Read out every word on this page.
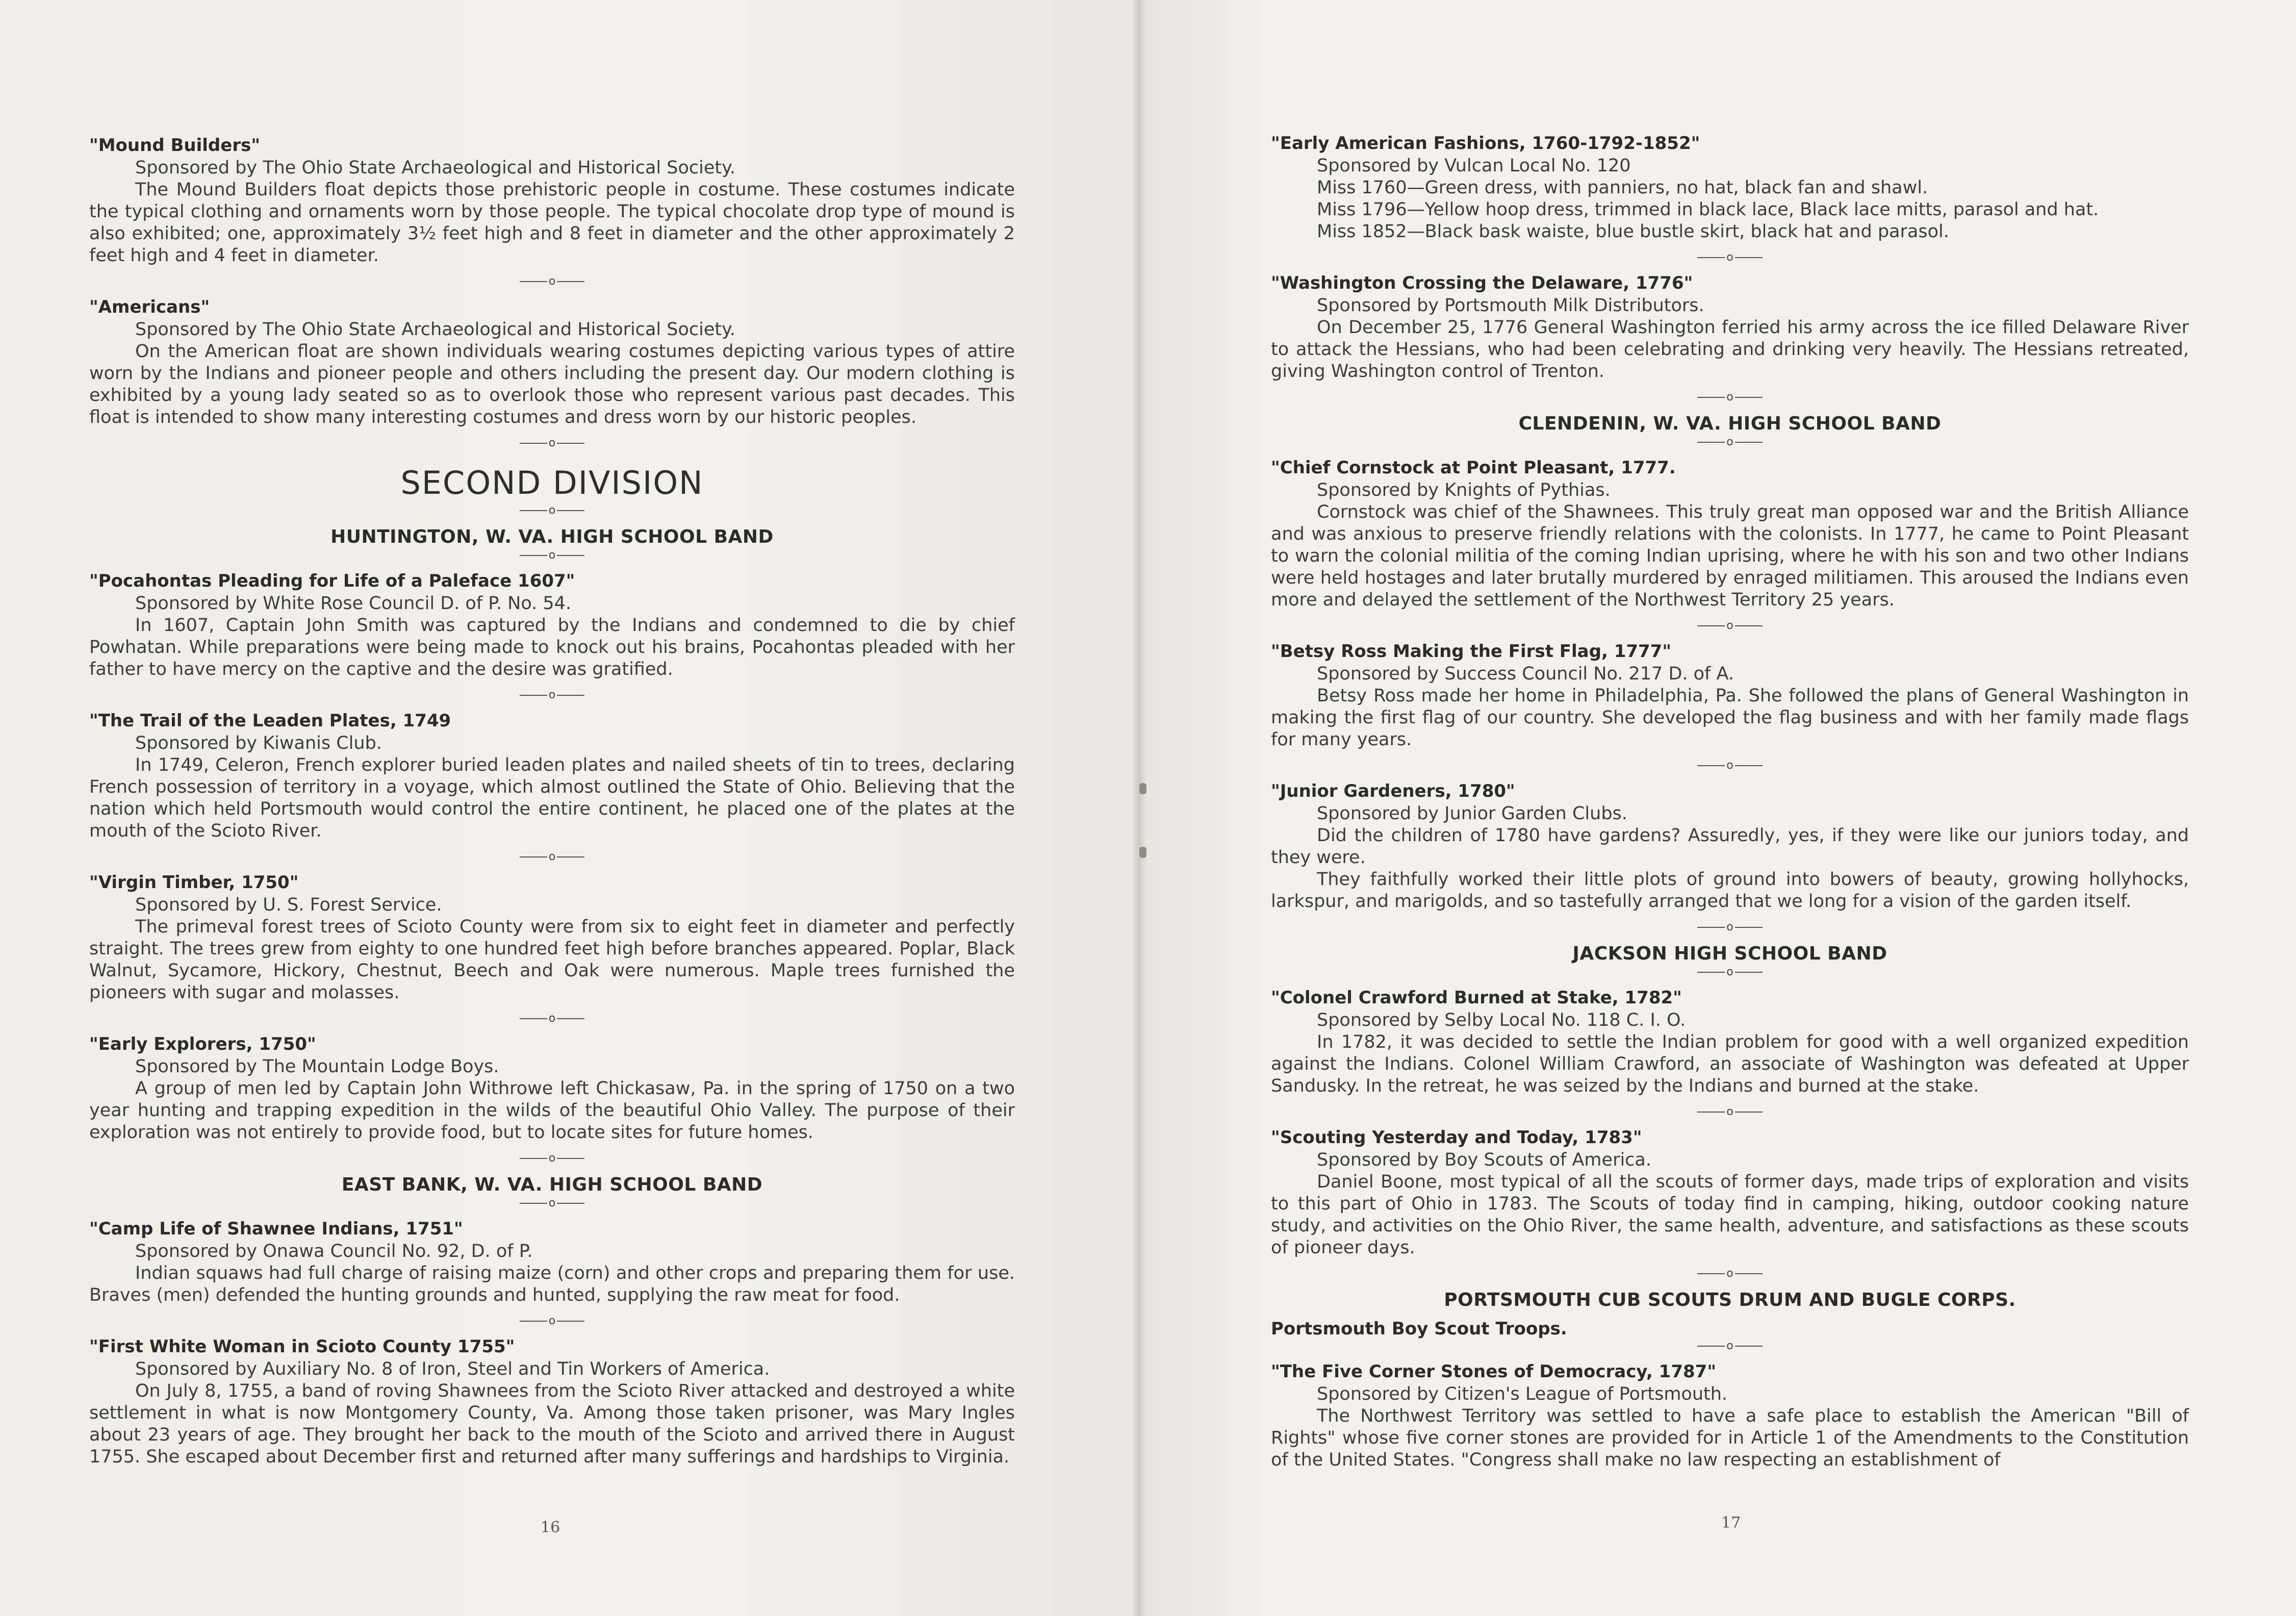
"Mound Builders"
Sponsored by The Ohio State Archaeological and Historical Society.
The Mound Builders float depicts those prehistoric people in costume. These costumes indicate the typical clothing and ornaments worn by those people. The typical chocolate drop type of mound is also exhibited; one, approximately 3½ feet high and 8 feet in diameter and the other approximately 2 feet high and 4 feet in diameter.
o
"Americans"
Sponsored by The Ohio State Archaeological and Historical Society.
On the American float are shown individuals wearing costumes depicting various types of attire worn by the Indians and pioneer people and others including the present day. Our modern clothing is exhibited by a young lady seated so as to overlook those who represent various past decades. This float is intended to show many interesting costumes and dress worn by our historic peoples.
o
SECOND DIVISION
o
HUNTINGTON, W. VA. HIGH SCHOOL BAND
o
"Pocahontas Pleading for Life of a Paleface 1607"
Sponsored by White Rose Council D. of P. No. 54.
In 1607, Captain John Smith was captured by the Indians and condemned to die by chief Powhatan. While preparations were being made to knock out his brains, Pocahontas pleaded with her father to have mercy on the captive and the desire was gratified.
o
"The Trail of the Leaden Plates, 1749
Sponsored by Kiwanis Club.
In 1749, Celeron, French explorer buried leaden plates and nailed sheets of tin to trees, declaring French possession of territory in a voyage, which almost outlined the State of Ohio. Believing that the nation which held Portsmouth would control the entire continent, he placed one of the plates at the mouth of the Scioto River.
o
"Virgin Timber, 1750"
Sponsored by U. S. Forest Service.
The primeval forest trees of Scioto County were from six to eight feet in diameter and perfectly straight. The trees grew from eighty to one hundred feet high before branches appeared. Poplar, Black Walnut, Sycamore, Hickory, Chestnut, Beech and Oak were numerous. Maple trees furnished the pioneers with sugar and molasses.
o
"Early Explorers, 1750"
Sponsored by The Mountain Lodge Boys.
A group of men led by Captain John Withrowe left Chickasaw, Pa. in the spring of 1750 on a two year hunting and trapping expedition in the wilds of the beautiful Ohio Valley. The purpose of their exploration was not entirely to provide food, but to locate sites for future homes.
o
EAST BANK, W. VA. HIGH SCHOOL BAND
o
"Camp Life of Shawnee Indians, 1751"
Sponsored by Onawa Council No. 92, D. of P.
Indian squaws had full charge of raising maize (corn) and other crops and preparing them for use. Braves (men) defended the hunting grounds and hunted, supplying the raw meat for food.
o
"First White Woman in Scioto County 1755"
Sponsored by Auxiliary No. 8 of Iron, Steel and Tin Workers of America.
On July 8, 1755, a band of roving Shawnees from the Scioto River attacked and destroyed a white settlement in what is now Montgomery County, Va. Among those taken prisoner, was Mary Ingles about 23 years of age. They brought her back to the mouth of the Scioto and arrived there in August 1755. She escaped about December first and returned after many sufferings and hardships to Virginia.
16
"Early American Fashions, 1760-1792-1852"
Sponsored by Vulcan Local No. 120
Miss 1760—Green dress, with panniers, no hat, black fan and shawl.
Miss 1796—Yellow hoop dress, trimmed in black lace, Black lace mitts, parasol and hat.
Miss 1852—Black bask waiste, blue bustle skirt, black hat and parasol.
o
"Washington Crossing the Delaware, 1776"
Sponsored by Portsmouth Milk Distributors.
On December 25, 1776 General Washington ferried his army across the ice filled Delaware River to attack the Hessians, who had been celebrating and drinking very heavily. The Hessians retreated, giving Washington control of Trenton.
o
CLENDENIN, W. VA. HIGH SCHOOL BAND
o
"Chief Cornstock at Point Pleasant, 1777.
Sponsored by Knights of Pythias.
Cornstock was chief of the Shawnees. This truly great man opposed war and the British Alliance and was anxious to preserve friendly relations with the colonists. In 1777, he came to Point Pleasant to warn the colonial militia of the coming Indian uprising, where he with his son and two other Indians were held hostages and later brutally murdered by enraged militiamen. This aroused the Indians even more and delayed the settlement of the Northwest Territory 25 years.
o
"Betsy Ross Making the First Flag, 1777"
Sponsored by Success Council No. 217 D. of A.
Betsy Ross made her home in Philadelphia, Pa. She followed the plans of General Washington in making the first flag of our country. She developed the flag business and with her family made flags for many years.
o
"Junior Gardeners, 1780"
Sponsored by Junior Garden Clubs.
Did the children of 1780 have gardens? Assuredly, yes, if they were like our juniors today, and they were.
They faithfully worked their little plots of ground into bowers of beauty, growing hollyhocks, larkspur, and marigolds, and so tastefully arranged that we long for a vision of the garden itself.
o
JACKSON HIGH SCHOOL BAND
o
"Colonel Crawford Burned at Stake, 1782"
Sponsored by Selby Local No. 118 C. I. O.
In 1782, it was decided to settle the Indian problem for good with a well organized expedition against the Indians. Colonel William Crawford, an associate of Washington was defeated at Upper Sandusky. In the retreat, he was seized by the Indians and burned at the stake.
o
"Scouting Yesterday and Today, 1783"
Sponsored by Boy Scouts of America.
Daniel Boone, most typical of all the scouts of former days, made trips of exploration and visits to this part of Ohio in 1783. The Scouts of today find in camping, hiking, outdoor cooking nature study, and activities on the Ohio River, the same health, adventure, and satisfactions as these scouts of pioneer days.
o
PORTSMOUTH CUB SCOUTS DRUM AND BUGLE CORPS.
Portsmouth Boy Scout Troops.
o
"The Five Corner Stones of Democracy, 1787"
Sponsored by Citizen's League of Portsmouth.
The Northwest Territory was settled to have a safe place to establish the American "Bill of Rights" whose five corner stones are provided for in Article 1 of the Amendments to the Constitution of the United States. "Congress shall make no law respecting an establishment of
17
